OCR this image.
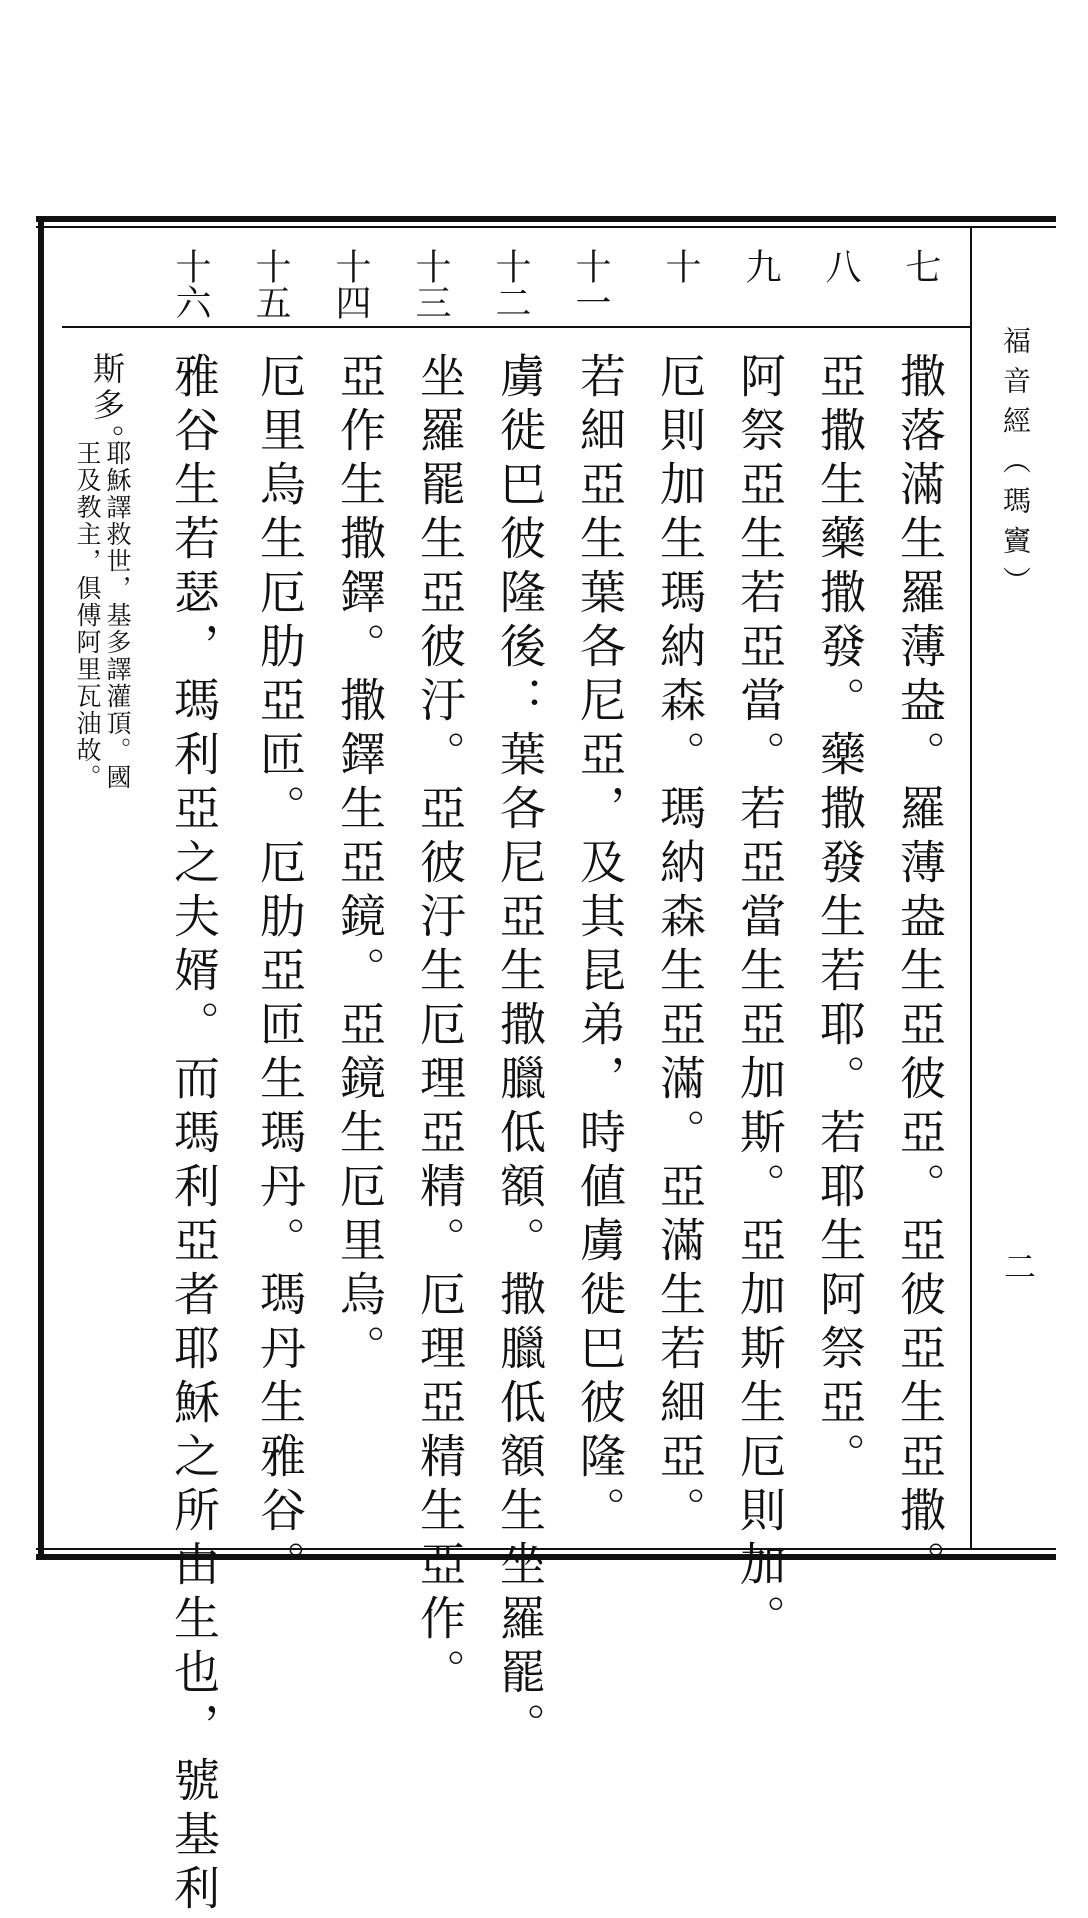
福音經（瑪竇）
二
七
八
九
十
十一
十二
十三
十四
十五
十六
撒落滿生羅薄盎。羅薄盎生亞彼亞。亞彼亞生亞撒。
亞撒生藥撒發。藥撒發生若耶。若耶生阿祭亞。
阿祭亞生若亞當。若亞當生亞加斯。亞加斯生厄則加。
厄則加生瑪納森。瑪納森生亞滿。亞滿生若細亞。
若細亞生葉各尼亞，及其昆弟，時値虜徙巴彼隆。
虜徙巴彼隆後：葉各尼亞生撒臘低額。撒臘低額生坐羅罷。
坐羅罷生亞彼汙。亞彼汙生厄理亞精。厄理亞精生亞作。
亞作生撒鐸。撒鐸生亞鏡。亞鏡生厄里烏。
厄里烏生厄肋亞匝。厄肋亞匝生瑪丹。瑪丹生雅谷。
雅谷生若瑟，瑪利亞之夫婿。而瑪利亞者耶穌之所由生也，號基利
斯多。
耶穌譯救世，基多譯灌頂。國
王及教主，俱傅阿里瓦油故。
